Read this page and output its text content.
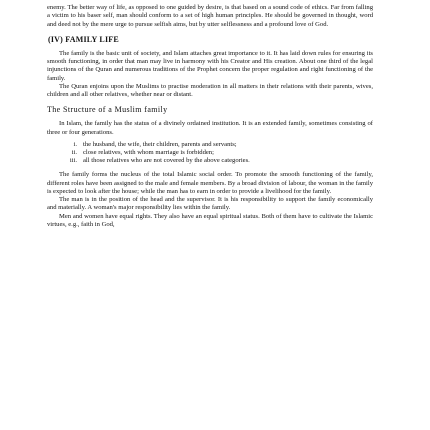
enemy. The better way of life, as opposed to one guided by desire, is that based on a sound code of ethics. Far from falling a victim to his baser self, man should conform to a set of high human principles. He should be governed in thought, word and deed not by the mere urge to pursue selfish aims, but by utter selflessness and a profound love of God.

(IV) FAMILY LIFE

The family is the basic unit of society, and Islam attaches great importance to it. It has laid down rules for ensuring its smooth functioning, in order that man may live in harmony with his Creator and His creation. About one third of the legal injunctions of the Quran and numerous traditions of the Prophet concern the proper regulation and right functioning of the family.

The Quran enjoins upon the Muslims to practise moderation in all matters in their relations with their parents, wives, children and all other relatives, whether near or distant.

The Structure of a Muslim family

In Islam, the family has the status of a divinely ordained institution. It is an extended family, sometimes consisting of three or four generations.

i. the husband, the wife, their children, parents and servants;
ii. close relatives, with whom marriage is forbidden;
iii. all those relatives who are not covered by the above categories.

The family forms the nucleus of the total Islamic social order. To promote the smooth functioning of the family, different roles have been assigned to the male and female members. By a broad division of labour, the woman in the family is expected to look after the house; while the man has to earn in order to provide a livelihood for the family.

The man is in the position of the head and the supervisor. It is his responsibility to support the family economically and materially. A woman's major responsibility lies within the family.

Men and women have equal rights. They also have an equal spiritual status. Both of them have to cultivate the Islamic virtues, e.g., faith in God,
